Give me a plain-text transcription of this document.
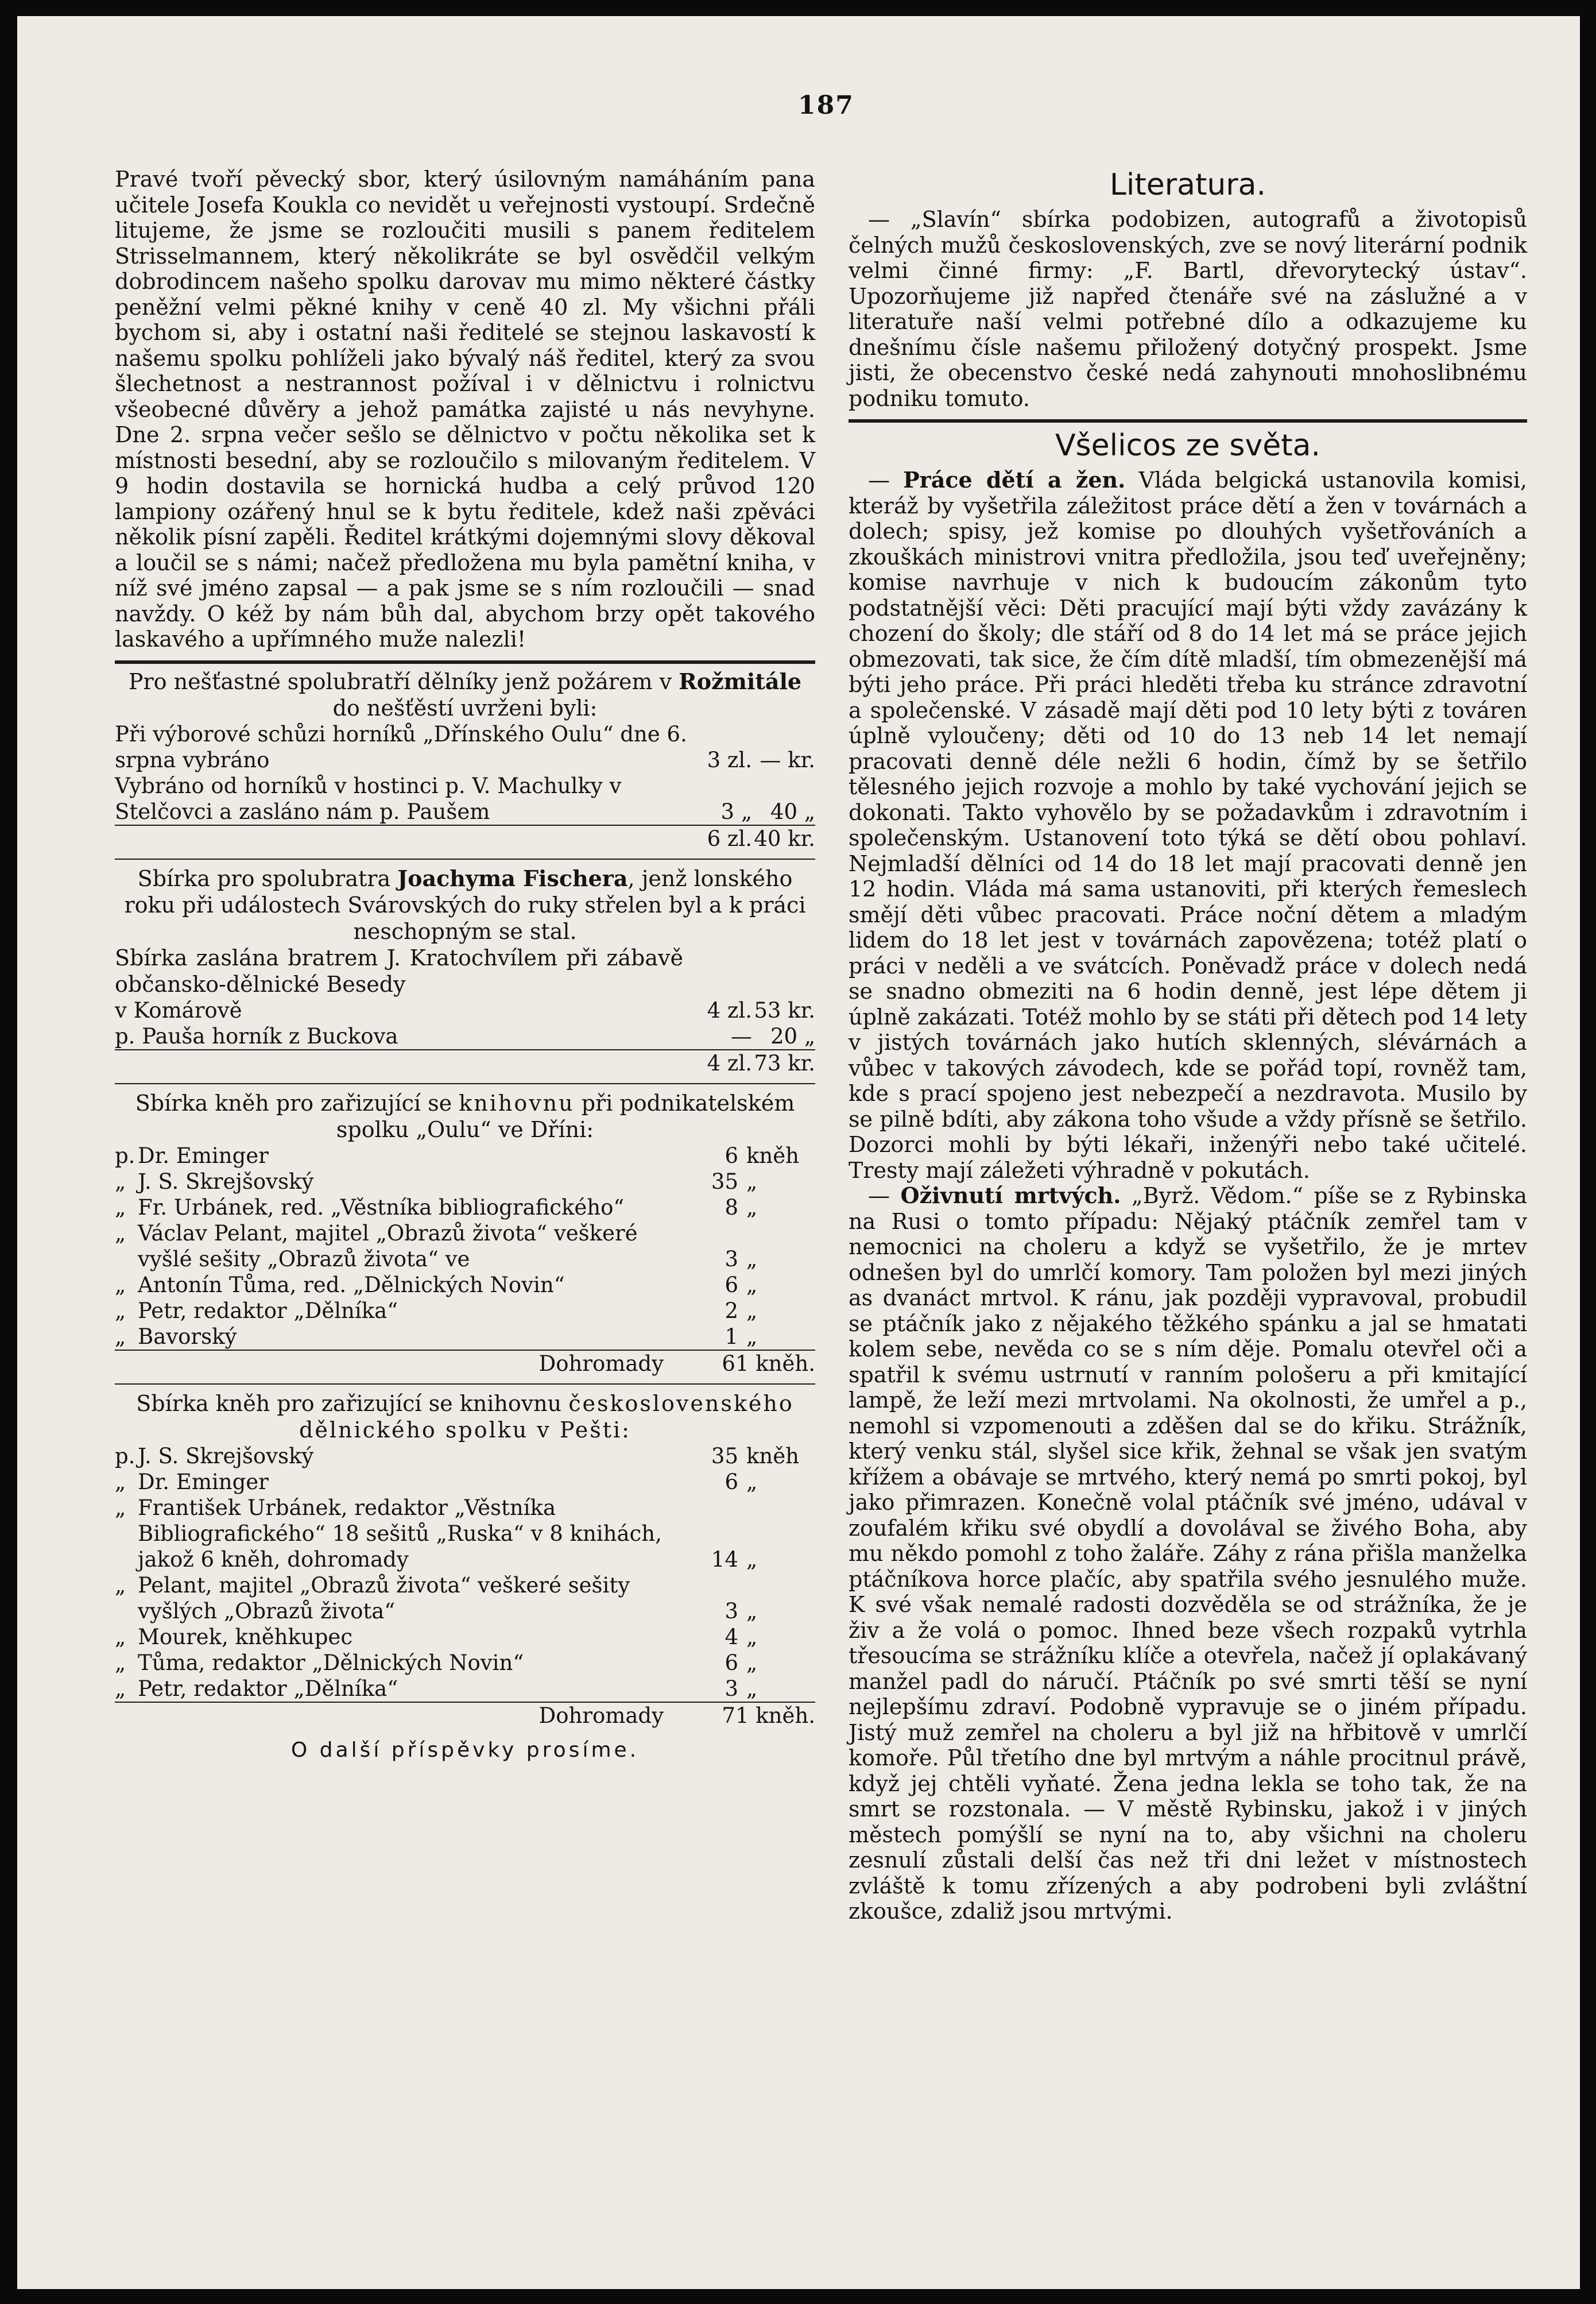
187

Pravé tvoří pěvecký sbor, který úsilovným namáháním pana učitele Josefa Koukla co nevidět u veřejnosti vystoupí. Srdečně litujeme, že jsme se rozloučiti musili s panem ředitelem Strisselmannem, který několikráte se byl osvědčil velkým dobrodincem našeho spolku darovav mu mimo některé částky peněžní velmi pěkné knihy v ceně 40 zl. My všichni přáli bychom si, aby i ostatní naši ředitelé se stejnou laskavostí k našemu spolku pohlíželi jako bývalý náš ředitel, který za svou šlechetnost a nestrannost požíval i v dělnictvu i rolnictvu všeobecné důvěry a jehož památka zajisté u nás nevyhyne. Dne 2. srpna večer sešlo se dělnictvo v počtu několika set k místnosti besední, aby se rozloučilo s milovaným ředitelem. V 9 hodin dostavila se hornická hudba a celý průvod 120 lampiony ozářený hnul se k bytu ředitele, kdež naši zpěváci několik písní zapěli. Ředitel krátkými dojemnými slovy děkoval a loučil se s námi; načež předložena mu byla pamětní kniha, v níž své jméno zapsal — a pak jsme se s ním rozloučili — snad navždy. O kéž by nám bůh dal, abychom brzy opět takového laskavého a upřímného muže nalezli!

Pro nešťastné spolubratří dělníky jenž požárem v Rožmitále do nešťěstí uvrženi byli:

Při výborové schůzi horníků „Dřínského Oulu“ dne 6. srpna vybráno	3 zl.	— kr.
Vybráno od horníků v hostinci p. V. Machulky v Stelčovci a zasláno nám p. Paušem	3 „	40 „
	6 zl.	40 kr.

Sbírka pro spolubratra Joachyma Fischera, jenž lonského roku při událostech Svárovských do ruky střelen byl a k práci neschopným se stal.

Sbírka zaslána bratrem J. Kratochvílem při zábavě občansko-dělnické Besedy

v Komárově	4 zl.	53 kr.
p. Pauša horník z Buckova	—	20 „
	4 zl.	73 kr.

Sbírka kněh pro zařizující se knihovnu při podnikatelském spolku „Oulu“ ve Dříni:

p.	Dr. Eminger	6	kněh
„	J. S. Skrejšovský	35	„
„	Fr. Urbánek, red. „Věstníka bibliografického“	8	„
„	Václav Pelant, majitel „Obrazů života“ veškeré vyšlé sešity „Obrazů života“ ve	3	„
„	Antonín Tůma, red. „Dělnických Novin“	6	„
„	Petr, redaktor „Dělníka“	2	„
„	Bavorský	1	„
	Dohromady	61 kněh.	

Sbírka kněh pro zařizující se knihovnu československého dělnického spolku v Pešti:

p.	J. S. Skrejšovský	35	kněh
„	Dr. Eminger	6	„
„	František Urbánek, redaktor „Věstníka Bibliografického“ 18 sešitů „Ruska“ v 8 knihách, jakož 6 kněh, dohromady	14	„
„	Pelant, majitel „Obrazů života“ veškeré sešity vyšlých „Obrazů života“	3	„
„	Mourek, kněhkupec	4	„
„	Tůma, redaktor „Dělnických Novin“	6	„
„	Petr, redaktor „Dělníka“	3	„
	Dohromady	71 kněh.	
O další příspěvky prosíme.
Literatura.

— „Slavín“ sbírka podobizen, autografů a životopisů čelných mužů československých, zve se nový literární podnik velmi činné firmy: „F. Bartl, dřevorytecký ústav“. Upozorňujeme již napřed čtenáře své na záslužné a v literatuře naší velmi potřebné dílo a odkazujeme ku dnešnímu čísle našemu přiložený dotyčný prospekt. Jsme jisti, že obecenstvo české nedá zahynouti mnohoslibnému podniku tomuto.

Všelicos ze světa.

— Práce dětí a žen. Vláda belgická ustanovila komisi, kteráž by vyšetřila záležitost práce dětí a žen v továrnách a dolech; spisy, jež komise po dlouhých vyšetřováních a zkouškách ministrovi vnitra předložila, jsou teď uveřejněny; komise navrhuje v nich k budoucím zákonům tyto podstatnější věci: Děti pracující mají býti vždy zavázány k chození do školy; dle stáří od 8 do 14 let má se práce jejich obmezovati, tak sice, že čím dítě mladší, tím obmezenější má býti jeho práce. Při práci hleděti třeba ku stránce zdravotní a společenské. V zásadě mají děti pod 10 lety býti z továren úplně vyloučeny; děti od 10 do 13 neb 14 let nemají pracovati denně déle nežli 6 hodin, čímž by se šetřilo tělesného jejich rozvoje a mohlo by také vychování jejich se dokonati. Takto vyhovělo by se požadavkům i zdravotním i společenským. Ustanovení toto týká se dětí obou pohlaví. Nejmladší dělníci od 14 do 18 let mají pracovati denně jen 12 hodin. Vláda má sama ustanoviti, při kterých řemeslech smějí děti vůbec pracovati. Práce noční dětem a mladým lidem do 18 let jest v továrnách zapovězena; totéž platí o práci v neděli a ve svátcích. Poněvadž práce v dolech nedá se snadno obmeziti na 6 hodin denně, jest lépe dětem ji úplně zakázati. Totéž mohlo by se státi při dětech pod 14 lety v jistých továrnách jako hutích sklenných, slévárnách a vůbec v takových závodech, kde se pořád topí, rovněž tam, kde s prací spojeno jest nebezpečí a nezdravota. Musilo by se pilně bdíti, aby zákona toho všude a vždy přísně se šetřilo. Dozorci mohli by býti lékaři, inženýři nebo také učitelé. Tresty mají záležeti výhradně v pokutách.

— Oživnutí mrtvých. „Byrž. Vědom.“ píše se z Rybinska na Rusi o tomto případu: Nějaký ptáčník zemřel tam v nemocnici na choleru a když se vyšetřilo, že je mrtev odnešen byl do umrlčí komory. Tam položen byl mezi jiných as dvanáct mrtvol. K ránu, jak později vypravoval, probudil se ptáčník jako z nějakého těžkého spánku a jal se hmatati kolem sebe, nevěda co se s ním děje. Pomalu otevřel oči a spatřil k svému ustrnutí v ranním pološeru a při kmitající lampě, že leží mezi mrtvolami. Na okolnosti, že umřel a p., nemohl si vzpomenouti a zděšen dal se do křiku. Strážník, který venku stál, slyšel sice křik, žehnal se však jen svatým křížem a obávaje se mrtvého, který nemá po smrti pokoj, byl jako přimrazen. Konečně volal ptáčník své jméno, udával v zoufalém křiku své obydlí a dovolával se živého Boha, aby mu někdo pomohl z toho žaláře. Záhy z rána přišla manželka ptáčníkova horce plačíc, aby spatřila svého jesnulého muže. K své však nemalé radosti dozvěděla se od strážníka, že je živ a že volá o pomoc. Ihned beze všech rozpaků vytrhla třesoucíma se strážníku klíče a otevřela, načež jí oplakávaný manžel padl do náručí. Ptáčník po své smrti těší se nyní nejlepšímu zdraví. Podobně vypravuje se o jiném případu. Jistý muž zemřel na choleru a byl již na hřbitově v umrlčí komoře. Půl třetího dne byl mrtvým a náhle procitnul právě, když jej chtěli vyňaté. Žena jedna lekla se toho tak, že na smrt se rozstonala. — V městě Rybinsku, jakož i v jiných městech pomýšlí se nyní na to, aby všichni na choleru zesnulí zůstali delší čas než tři dni ležet v místnostech zvláště k tomu zřízených a aby podrobeni byli zvláštní zkoušce, zdaliž jsou mrtvými.
